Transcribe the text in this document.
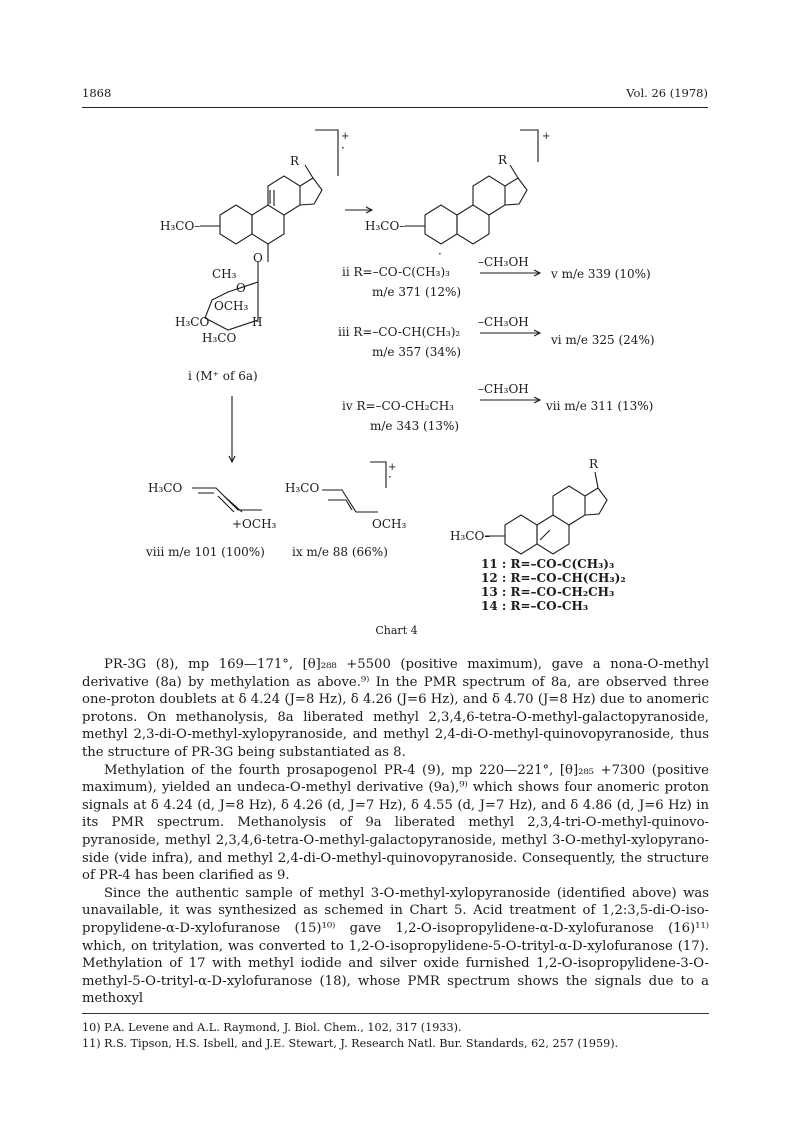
1868	Vol. 26 (1978)
R
+
·
H₃CO–
O
CH₃
O
OCH₃
H₃CO	H
H₃CO
i (M⁺ of 6a)
R
+
H₃CO–
·
ii R=–CO-C(CH₃)₃
m/e 371 (12%)
–CH₃OH
v m/e 339 (10%)
iii R=–CO-CH(CH₃)₂
m/e 357 (34%)
–CH₃OH
vi m/e 325 (24%)
iv R=–CO-CH₂CH₃
m/e 343 (13%)
–CH₃OH
vii m/e 311 (13%)
H₃CO
+OCH₃
viii m/e 101 (100%)
H₃CO
OCH₃
+
·
ix m/e 88 (66%)
R
H₃CO–
11 : R=–CO-C(CH₃)₃
12 : R=–CO-CH(CH₃)₂
13 : R=–CO-CH₂CH₃
14 : R=–CO-CH₃
Chart 4

PR-3G (8), mp 169—171°, [θ]₂₈₈ +5500 (positive maximum), gave a nona-O-methyl derivative (8a) by methylation as above.⁹⁾ In the PMR spectrum of 8a, are observed three one-proton doublets at δ 4.24 (J=8 Hz), δ 4.26 (J=6 Hz), and δ 4.70 (J=8 Hz) due to anomeric protons. On methanolysis, 8a liberated methyl 2,3,4,6-tetra-O-methyl-galactopyranoside, methyl 2,3-di-O-methyl-xylopyranoside, and methyl 2,4-di-O-methyl-quinovopyranoside, thus the structure of PR-3G being substantiated as 8.

Methylation of the fourth prosapogenol PR-4 (9), mp 220—221°, [θ]₂₈₅ +7300 (positive maximum), yielded an undeca-O-methyl derivative (9a),⁹⁾ which shows four anomeric proton signals at δ 4.24 (d, J=8 Hz), δ 4.26 (d, J=7 Hz), δ 4.55 (d, J=7 Hz), and δ 4.86 (d, J=6 Hz) in its PMR spectrum. Methanolysis of 9a liberated methyl 2,3,4-tri-O-methyl-quinovopyranoside, methyl 2,3,4,6-tetra-O-methyl-galactopyranoside, methyl 3-O-methyl-xylopyranoside (vide infra), and methyl 2,4-di-O-methyl-quinovopyranoside. Consequently, the structure of PR-4 has been clarified as 9.

Since the authentic sample of methyl 3-O-methyl-xylopyranoside (identified above) was unavailable, it was synthesized as schemed in Chart 5. Acid treatment of 1,2:3,5-di-O-isopropylidene-α-D-xylofuranose (15)¹⁰⁾ gave 1,2-O-isopropylidene-α-D-xylofuranose (16)¹¹⁾ which, on tritylation, was converted to 1,2-O-isopropylidene-5-O-trityl-α-D-xylofuranose (17). Methylation of 17 with methyl iodide and silver oxide furnished 1,2-O-isopropylidene-3-O-methyl-5-O-trityl-α-D-xylofuranose (18), whose PMR spectrum shows the signals due to a methoxyl

10) P.A. Levene and A.L. Raymond, J. Biol. Chem., 102, 317 (1933).
11) R.S. Tipson, H.S. Isbell, and J.E. Stewart, J. Research Natl. Bur. Standards, 62, 257 (1959).
